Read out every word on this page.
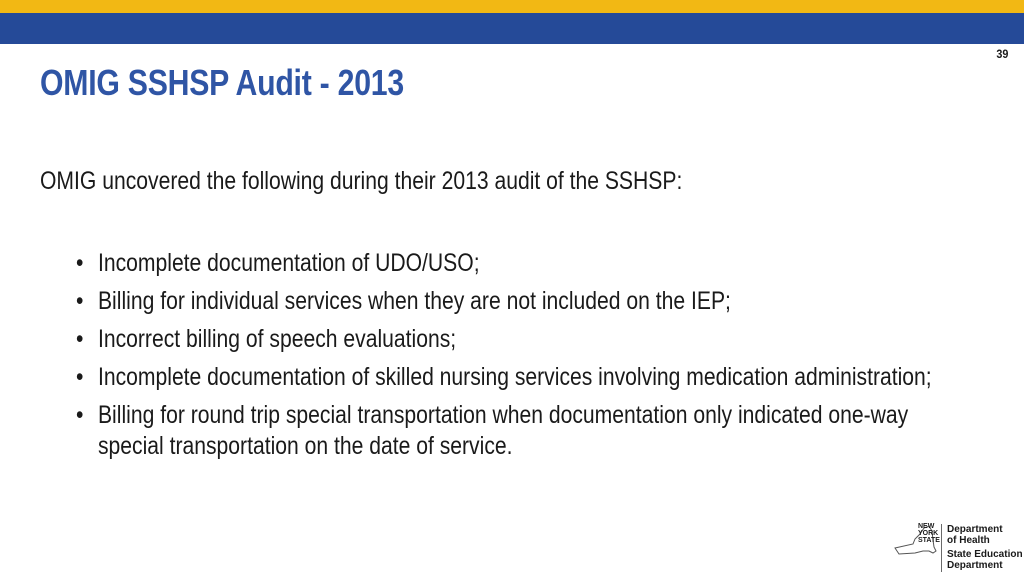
39
OMIG SSHSP Audit - 2013

OMIG uncovered the following during their 2013 audit of the SSHSP:

• Incomplete documentation of UDO/USO;
• Billing for individual services when they are not included on the IEP;
• Incorrect billing of speech evaluations;
• Incomplete documentation of skilled nursing services involving medication administration;
• Billing for round trip special transportation when documentation only indicated one-way special transportation on the date of service.
NEW
YORK
STATE
Department
of Health
State Education
Department
